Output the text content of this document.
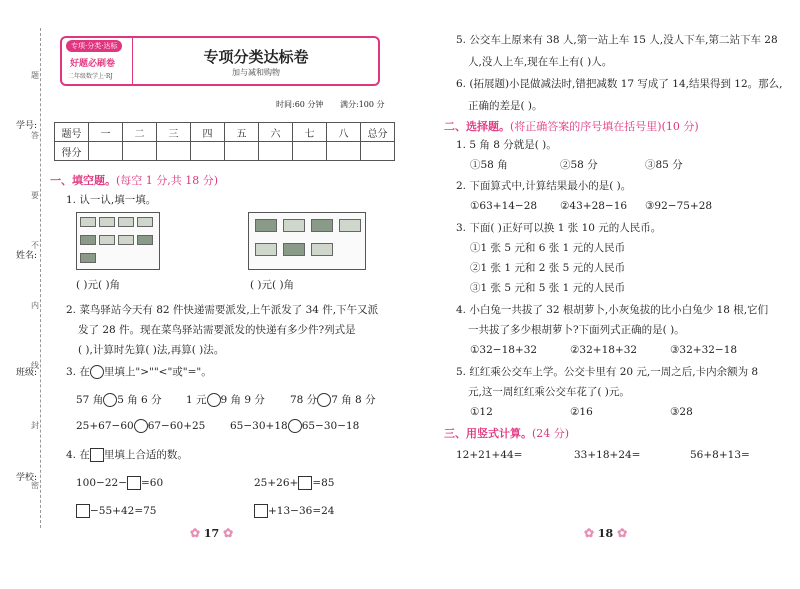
学号:
姓名:
班级:
学校:
题
答
要
不
内
线
封
密
专项·分类·达标
好题必刷卷
二年级数学上·RJ
专项分类达标卷
加与减和购物
时间:60 分钟 满分:100 分
题号	一	二	三	四	五	六	七	八	总分
得分									
一、填空题。(每空 1 分,共 18 分)
1. 认一认,填一填。
( )元( )角	( )元( )角
2. 菜鸟驿站今天有 82 件快递需要派发,上午派发了 34 件,下午又派
发了 28 件。现在菜鸟驿站需要派发的快递有多少件?列式是
( ),计算时先算( )法,再算( )法。
3. 在 里填上">""<"或"="。
57 角 5 角 6 分 1 元 9 角 9 分 78 分 7 角 8 分
25+67−60 67−60+25 65−30+18 65−30−18
4. 在 里填上合适的数。
100−22− =60	25+26+ =85
−55+42=75	+13−36=24
✿ 17 ✿
5. 公交车上原来有 38 人,第一站上车 15 人,没人下车,第二站下车 28
人,没人上车,现在车上有( )人。
6. (拓展题)小昆做减法时,错把减数 17 写成了 14,结果得到 12。那么,
正确的差是( )。
二、选择题。(将正确答案的序号填在括号里)(10 分)
1. 5 角 8 分就是( )。
①58 角	②58 分	③85 分
2. 下面算式中,计算结果最小的是( )。
①63+14−28 ②43+28−16 ③92−75+28
3. 下面( )正好可以换 1 张 10 元的人民币。
①1 张 5 元和 6 张 1 元的人民币
②1 张 1 元和 2 张 5 元的人民币
③1 张 5 元和 5 张 1 元的人民币
4. 小白兔一共拔了 32 根胡萝卜,小灰兔拔的比小白兔少 18 根,它们
一共拔了多少根胡萝卜?下面列式正确的是( )。
①32−18+32	②32+18+32	③32+32−18
5. 红红乘公交车上学。公交卡里有 20 元,一周之后,卡内余额为 8
元,这一周红红乘公交车花了( )元。
①12	②16	③28
三、用竖式计算。(24 分)
12+21+44=	33+18+24=	56+8+13=
✿ 18 ✿
